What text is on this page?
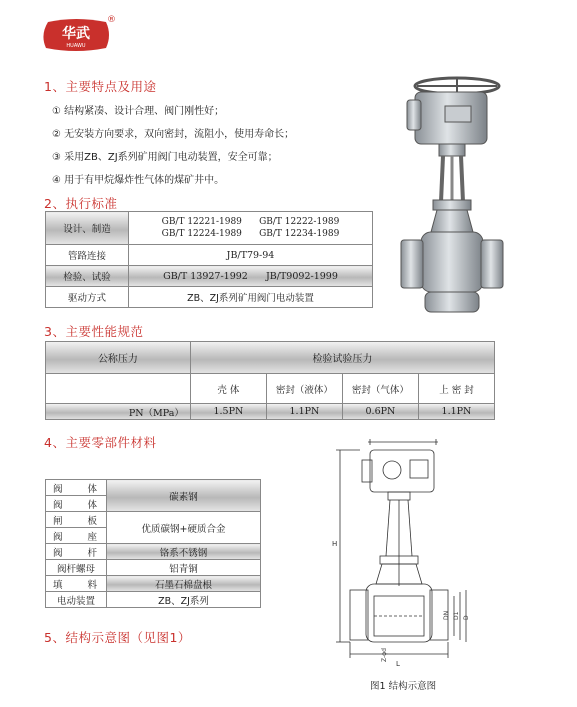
华武
HUAWU
®
1、主要特点及用途
① 结构紧凑、设计合理、阀门刚性好；
② 无安装方向要求，双向密封，流阻小，使用寿命长；
③ 采用ZB、ZJ系列矿用阀门电动装置，安全可靠；
④ 用于有甲烷爆炸性气体的煤矿井中。
2、执行标准
设计、制造	GB/T 12221-1989 GB/T 12222-1989
GB/T 12224-1989 GB/T 12234-1989
管路连接	JB/T79-94
检验、试验	GB/T 13927-1992 JB/T9092-1999
驱动方式	ZB、ZJ系列矿用阀门电动装置
3、主要性能规范
公称压力	检验试验压力			
	壳 体	密封（液体）	密封（气体）	上 密 封
PN（MPa）	1.5PN	1.1PN	0.6PN	1.1PN
4、主要零部件材料
阀　　体	碳素钢
阀　　体	
闸　　板	优质碳钢+硬质合金
阀　　座	
阀　　杆	铬系不锈钢
阀杆螺母	铝青铜
填　　料	石墨石棉盘根
电动装置	ZB、ZJ系列
5、结构示意图（见图1）
H
L
DN D1 D
Z-φd
图1 结构示意图
